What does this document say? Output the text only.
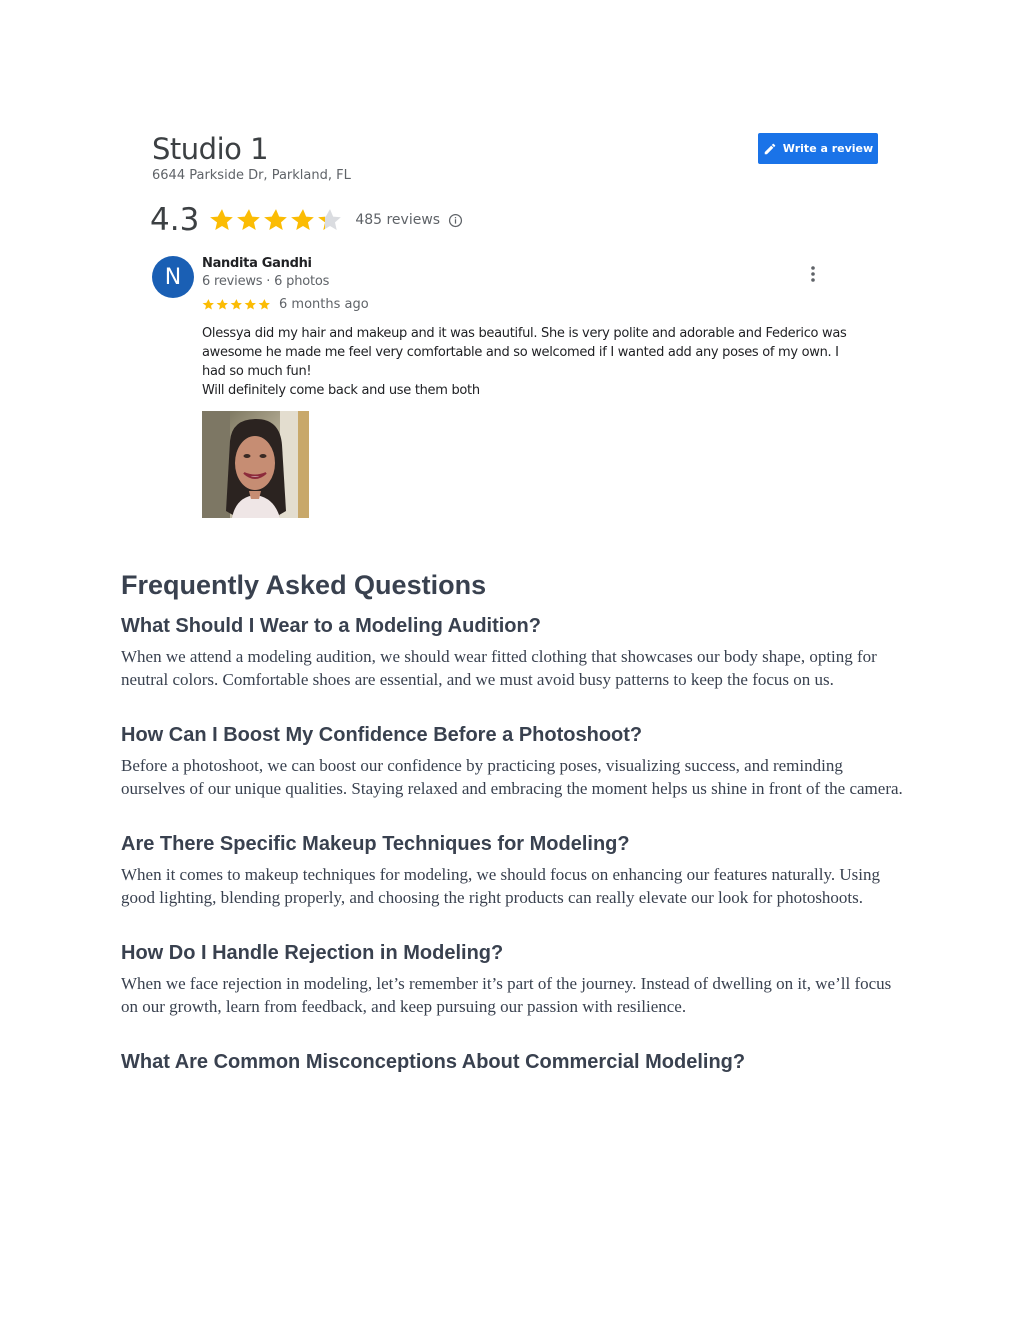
Studio 1
6644 Parkside Dr, Parkland, FL
Write a review
4.3	485 reviews
N
Nandita Gandhi
6 reviews · 6 photos
6 months ago

Olessya did my hair and makeup and it was beautiful. She is very polite and adorable and Federico was awesome he made me feel very comfortable and so welcomed if I wanted add any poses of my own. I had so much fun!

Will definitely come back and use them both

Frequently Asked Questions
What Should I Wear to a Modeling Audition?

When we attend a modeling audition, we should wear fitted clothing that showcases our body shape, opting for neutral colors. Comfortable shoes are essential, and we must avoid busy patterns to keep the focus on us.

How Can I Boost My Confidence Before a Photoshoot?

Before a photoshoot, we can boost our confidence by practicing poses, visualizing success, and reminding ourselves of our unique qualities. Staying relaxed and embracing the moment helps us shine in front of the camera.

Are There Specific Makeup Techniques for Modeling?

When it comes to makeup techniques for modeling, we should focus on enhancing our features naturally. Using good lighting, blending properly, and choosing the right products can really elevate our look for photoshoots.

How Do I Handle Rejection in Modeling?

When we face rejection in modeling, let’s remember it’s part of the journey. Instead of dwelling on it, we’ll focus on our growth, learn from feedback, and keep pursuing our passion with resilience.

What Are Common Misconceptions About Commercial Modeling?
